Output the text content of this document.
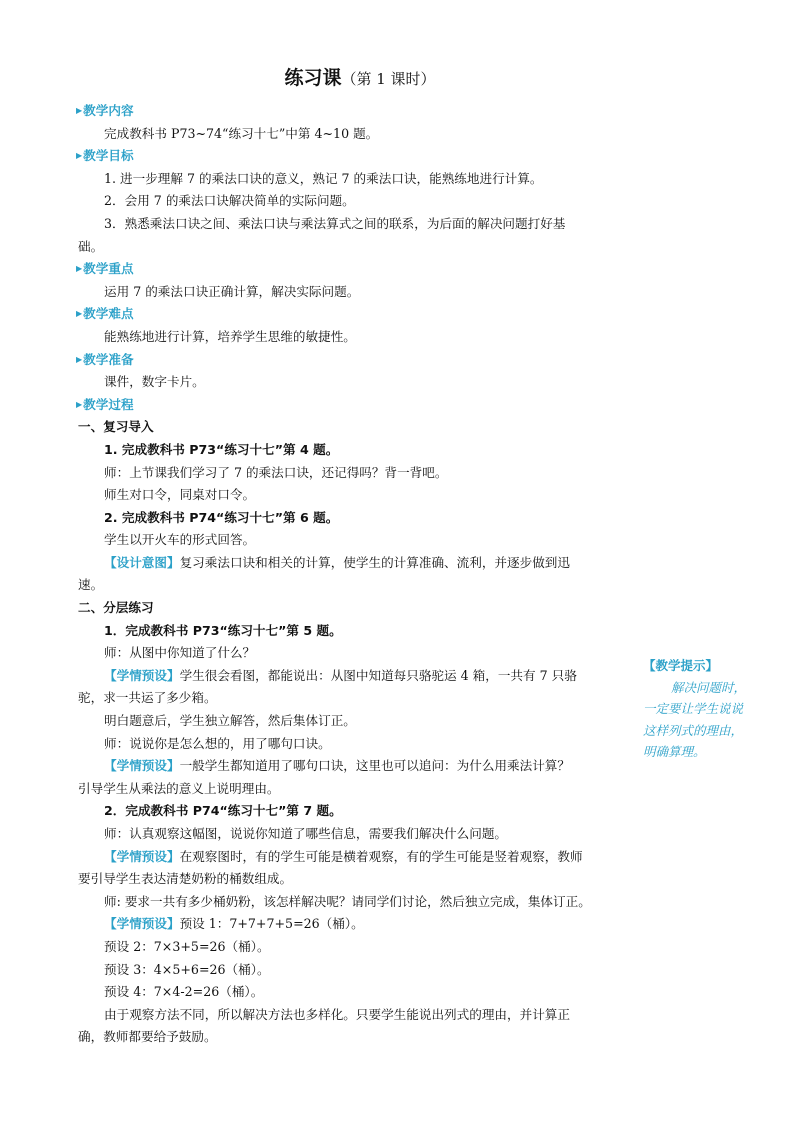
练习课（第 1 课时）
▶教学内容
完成教科书 P73~74“练习十七”中第 4~10 题。
▶教学目标
1. 进一步理解 7 的乘法口诀的意义，熟记 7 的乘法口诀，能熟练地进行计算。
2．会用 7 的乘法口诀解决简单的实际问题。
3．熟悉乘法口诀之间、乘法口诀与乘法算式之间的联系，为后面的解决问题打好基
础。
▶教学重点
运用 7 的乘法口诀正确计算，解决实际问题。
▶教学难点
能熟练地进行计算，培养学生思维的敏捷性。
▶教学准备
课件，数字卡片。
▶教学过程
一、复习导入
1. 完成教科书 P73“练习十七”第 4 题。
师：上节课我们学习了 7 的乘法口诀，还记得吗？背一背吧。
师生对口令，同桌对口令。
2. 完成教科书 P74“练习十七”第 6 题。
学生以开火车的形式回答。
【设计意图】复习乘法口诀和相关的计算，使学生的计算准确、流利，并逐步做到迅
速。
二、分层练习
1．完成教科书 P73“练习十七”第 5 题。
师：从图中你知道了什么？
【学情预设】学生很会看图，都能说出：从图中知道每只骆驼运 4 箱，一共有 7 只骆
驼，求一共运了多少箱。
明白题意后，学生独立解答，然后集体订正。
师：说说你是怎么想的，用了哪句口诀。
【学情预设】一般学生都知道用了哪句口诀，这里也可以追问：为什么用乘法计算？
引导学生从乘法的意义上说明理由。
2．完成教科书 P74“练习十七”第 7 题。
师：认真观察这幅图，说说你知道了哪些信息，需要我们解决什么问题。
【学情预设】在观察图时，有的学生可能是横着观察，有的学生可能是竖着观察，教师
要引导学生表达清楚奶粉的桶数组成。
师: 要求一共有多少桶奶粉，该怎样解决呢？请同学们讨论，然后独立完成，集体订正。
【学情预设】预设 1：7+7+7+5=26（桶）。
预设 2：7×3+5=26（桶）。
预设 3：4×5+6=26（桶）。
预设 4：7×4-2=26（桶）。
由于观察方法不同，所以解决方法也多样化。只要学生能说出列式的理由，并计算正
确，教师都要给予鼓励。
【教学提示】
解决问题时，
一定要让学生说说
这样列式的理由，
明确算理。
